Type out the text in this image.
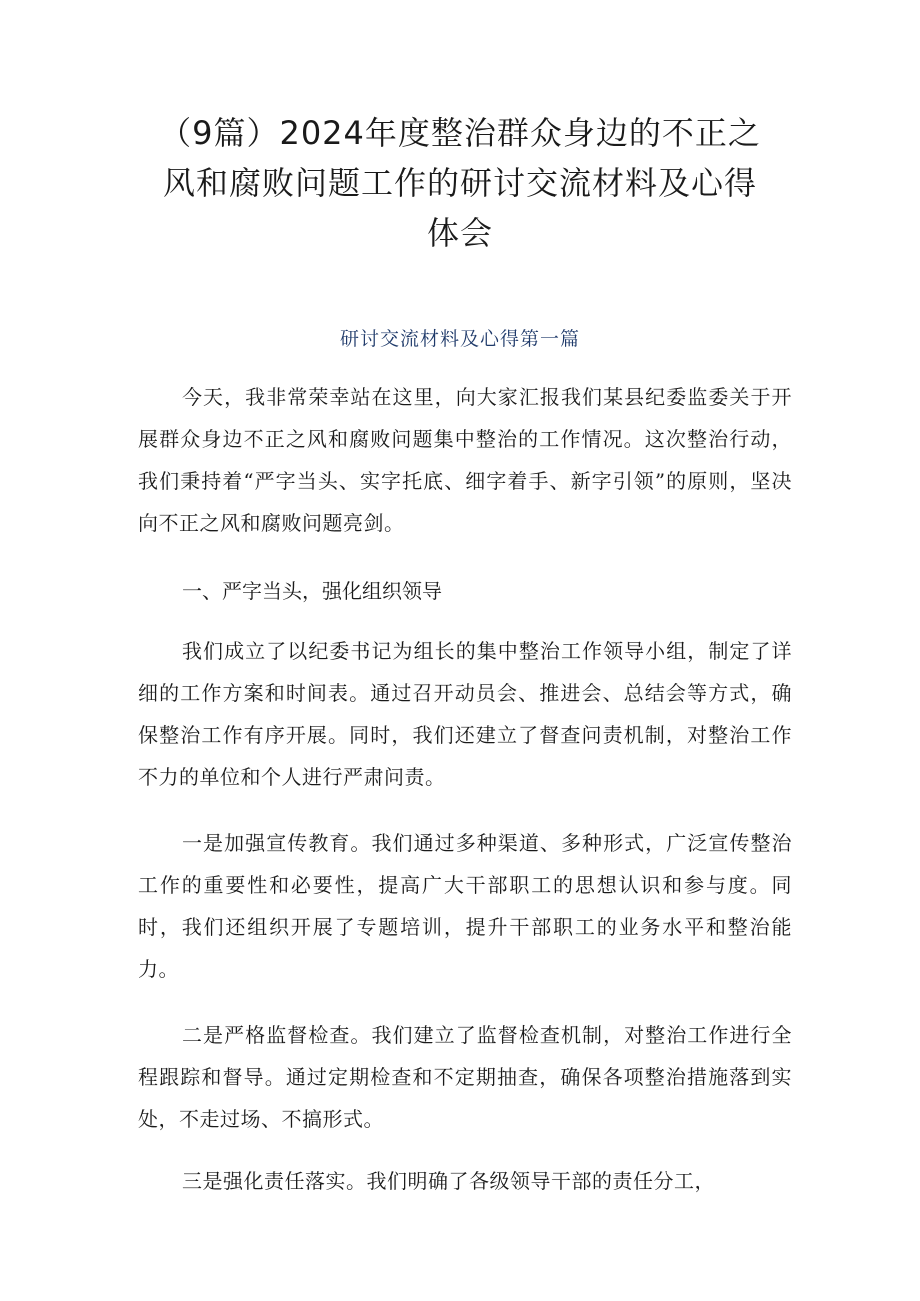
（9篇）2024年度整治群众身边的不正之
风和腐败问题工作的研讨交流材料及心得
体会
研讨交流材料及心得第一篇

今天，我非常荣幸站在这里，向大家汇报我们某县纪委监委关于开展群众身边不正之风和腐败问题集中整治的工作情况。这次整治行动，我们秉持着“严字当头、实字托底、细字着手、新字引领”的原则，坚决向不正之风和腐败问题亮剑。

一、严字当头，强化组织领导

我们成立了以纪委书记为组长的集中整治工作领导小组，制定了详细的工作方案和时间表。通过召开动员会、推进会、总结会等方式，确保整治工作有序开展。同时，我们还建立了督查问责机制，对整治工作不力的单位和个人进行严肃问责。

一是加强宣传教育。我们通过多种渠道、多种形式，广泛宣传整治工作的重要性和必要性，提高广大干部职工的思想认识和参与度。同时，我们还组织开展了专题培训，提升干部职工的业务水平和整治能力。

二是严格监督检查。我们建立了监督检查机制，对整治工作进行全程跟踪和督导。通过定期检查和不定期抽查，确保各项整治措施落到实处，不走过场、不搞形式。

三是强化责任落实。我们明确了各级领导干部的责任分工，
